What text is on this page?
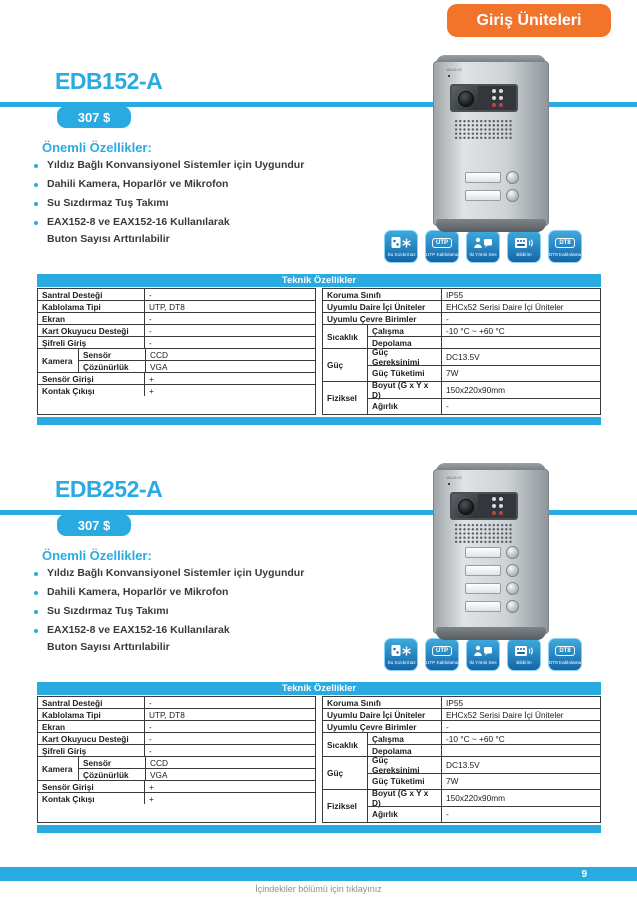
Giriş Üniteleri
EDB152-A
307 $
Önemli Özellikler:
Yıldız Bağlı Konvansiyonel Sistemler için Uygundur
Dahili Kamera, Hoparlör ve Mikrofon
Su Sızdırmaz Tuş Takımı
EAX152-8 ve EAX152-16 Kullanılarak
Buton Sayısı Arttırılabilir
AUDIO
Su Sızdırmaz
UTP
UTP Kablolama İki Yönlü Ses	Bildirim
DT8
DT8 Kablolama
Teknik Özellikler
Santral Desteği	-
Kablolama Tipi	UTP, DT8
Ekran	-
Kart Okuyucu Desteği	-
Şifreli Giriş	-
Kamera
Sensör	CCD
Çözünürlük	VGA
Sensör Girişi	+
Kontak Çıkışı	+
Koruma Sınıfı	IP55
Uyumlu Daire İçi Üniteler	EHCx52 Serisi Daire İçi Üniteler
Uyumlu Çevre Birimler	-
Sıcaklık
Çalışma	-10 °C ~ +60 °C
Depolama
Güç
Güç Gereksinimi	DC13.5V
Güç Tüketimi	7W
Fiziksel
Boyut (G x Y x D)	150x220x90mm
Ağırlık	-
EDB252-A
307 $
Önemli Özellikler:
Yıldız Bağlı Konvansiyonel Sistemler için Uygundur
Dahili Kamera, Hoparlör ve Mikrofon
Su Sızdırmaz Tuş Takımı
EAX152-8 ve EAX152-16 Kullanılarak
Buton Sayısı Arttırılabilir
AUDIO
Su Sızdırmaz
UTP
UTP Kablolama İki Yönlü Ses	Bildirim
DT8
DT8 Kablolama
Teknik Özellikler
Santral Desteği	-
Kablolama Tipi	UTP, DT8
Ekran	-
Kart Okuyucu Desteği	-
Şifreli Giriş	-
Kamera
Sensör	CCD
Çözünürlük	VGA
Sensör Girişi	+
Kontak Çıkışı	+
Koruma Sınıfı	IP55
Uyumlu Daire İçi Üniteler	EHCx52 Serisi Daire İçi Üniteler
Uyumlu Çevre Birimler	-
Sıcaklık
Çalışma	-10 °C ~ +60 °C
Depolama
Güç
Güç Gereksinimi	DC13.5V
Güç Tüketimi	7W
Fiziksel
Boyut (G x Y x D)	150x220x90mm
Ağırlık	-
9
İçindekiler bölümü için tıklayınız
